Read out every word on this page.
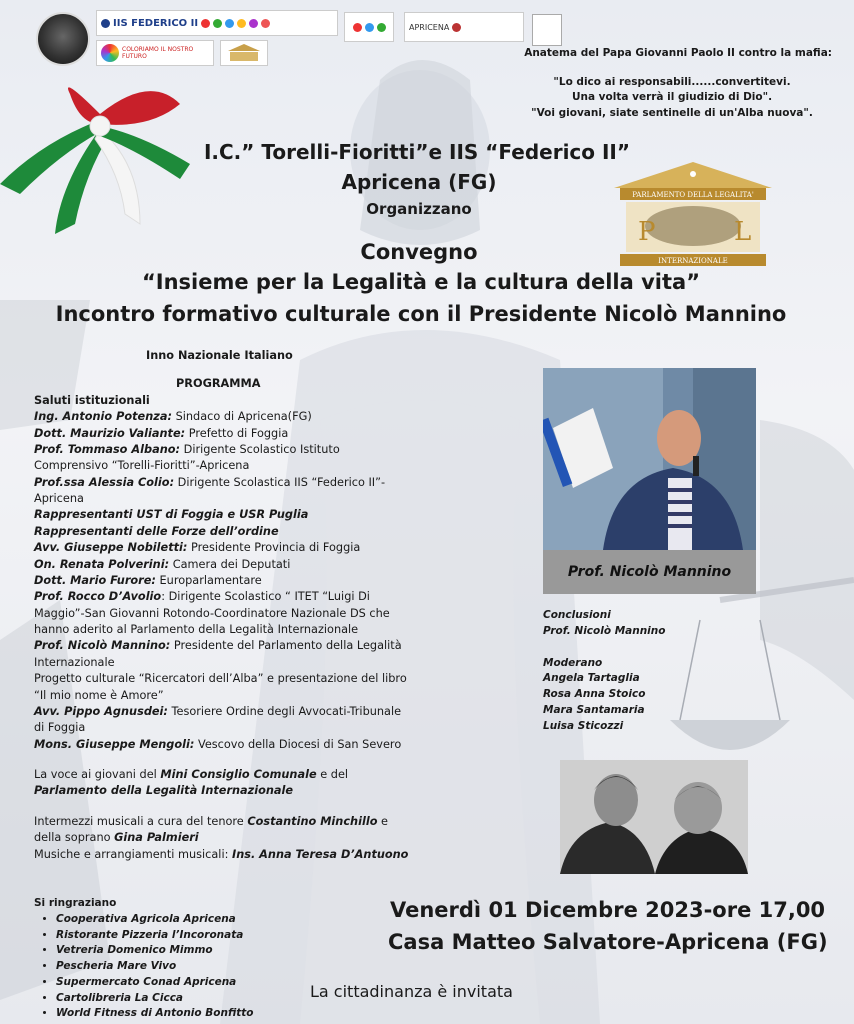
IIS FEDERICO II
COLORIAMO IL NOSTRO FUTURO
APRICENA
Anatema del Papa Giovanni Paolo II contro la mafia:
"Lo dico ai responsabili......convertitevi.
Una volta verrà il giudizio di Dio".
"Voi giovani, siate sentinelle di un'Alba nuova".
I.C.” Torelli-Fioritti”e IIS “Federico II”
Apricena (FG)
Organizzano
Convegno
“Insieme per la Legalità e la cultura della vita”
Incontro formativo culturale con il Presidente Nicolò Mannino
PARLAMENTO DELLA LEGALITA'
P	L
INTERNAZIONALE
Inno Nazionale Italiano
PROGRAMMA
Saluti istituzionali

Ing. Antonio Potenza: Sindaco di Apricena(FG)

Dott. Maurizio Valiante: Prefetto di Foggia

Prof. Tommaso Albano: Dirigente Scolastico Istituto Comprensivo “Torelli-Fioritti”-Apricena

Prof.ssa Alessia Colio: Dirigente Scolastica IIS “Federico II”-Apricena

Rappresentanti UST di Foggia e USR Puglia

Rappresentanti delle Forze dell’ordine

Avv. Giuseppe Nobiletti: Presidente Provincia di Foggia

On. Renata Polverini: Camera dei Deputati

Dott. Mario Furore: Europarlamentare

Prof. Rocco D’Avolio: Dirigente Scolastico “ ITET “Luigi Di Maggio”-San Giovanni Rotondo-Coordinatore Nazionale DS che hanno aderito al Parlamento della Legalità Internazionale

Prof. Nicolò Mannino: Presidente del Parlamento della Legalità Internazionale

Progetto culturale “Ricercatori dell’Alba” e presentazione del libro “Il mio nome è Amore”

Avv. Pippo Agnusdei: Tesoriere Ordine degli Avvocati-Tribunale di Foggia

Mons. Giuseppe Mengoli: Vescovo della Diocesi di San Severo

La voce ai giovani del Mini Consiglio Comunale e del Parlamento della Legalità Internazionale

Intermezzi musicali a cura del tenore Costantino Minchillo e della soprano Gina Palmieri

Musiche e arrangiamenti musicali: Ins. Anna Teresa D’Antuono

Si ringraziano
• Cooperativa Agricola Apricena
• Ristorante Pizzeria l’Incoronata
• Vetreria Domenico Mimmo
• Pescheria Mare Vivo
• Supermercato Conad Apricena
• Cartolibreria La Cicca
• World Fitness di Antonio Bonfitto
Prof. Nicolò Mannino

Conclusioni

Prof. Nicolò Mannino

Moderano

Angela Tartaglia

Rosa Anna Stoico

Mara Santamaria

Luisa Sticozzi

Venerdì 01 Dicembre 2023-ore 17,00
Casa Matteo Salvatore-Apricena (FG)
La cittadinanza è invitata
